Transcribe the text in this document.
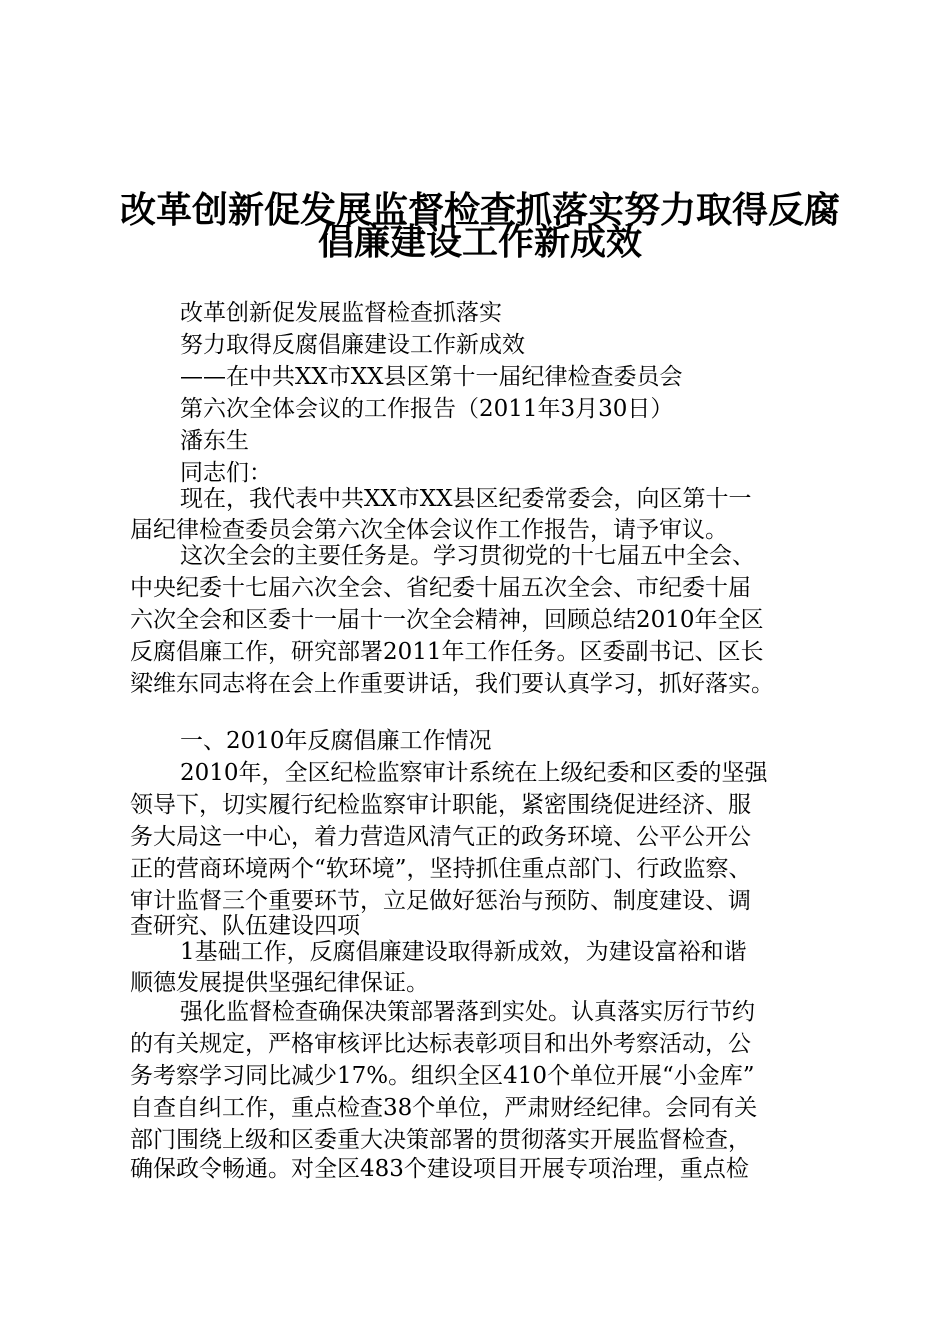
改革创新促发展监督检查抓落实努力取得反腐
倡廉建设工作新成效
改革创新促发展监督检查抓落实
努力取得反腐倡廉建设工作新成效
——在中共XX市XX县区第十一届纪律检查委员会
第六次全体会议的工作报告（2011年3月30日）
潘东生
同志们：
现在，我代表中共XX市XX县区纪委常委会，向区第十一
届纪律检查委员会第六次全体会议作工作报告，请予审议。
这次全会的主要任务是。学习贯彻党的十七届五中全会、
中央纪委十七届六次全会、省纪委十届五次全会、市纪委十届
六次全会和区委十一届十一次全会精神，回顾总结2010年全区
反腐倡廉工作，研究部署2011年工作任务。区委副书记、区长
梁维东同志将在会上作重要讲话，我们要认真学习，抓好落实。
一、2010年反腐倡廉工作情况
2010年，全区纪检监察审计系统在上级纪委和区委的坚强
领导下，切实履行纪检监察审计职能，紧密围绕促进经济、服
务大局这一中心，着力营造风清气正的政务环境、公平公开公
正的营商环境两个“软环境”，坚持抓住重点部门、行政监察、
审计监督三个重要环节，立足做好惩治与预防、制度建设、调
查研究、队伍建设四项
1基础工作，反腐倡廉建设取得新成效，为建设富裕和谐
顺德发展提供坚强纪律保证。
强化监督检查确保决策部署落到实处。认真落实厉行节约
的有关规定，严格审核评比达标表彰项目和出外考察活动，公
务考察学习同比减少17%。组织全区410个单位开展“小金库”
自查自纠工作，重点检查38个单位，严肃财经纪律。会同有关
部门围绕上级和区委重大决策部署的贯彻落实开展监督检查，
确保政令畅通。对全区483个建设项目开展专项治理，重点检
